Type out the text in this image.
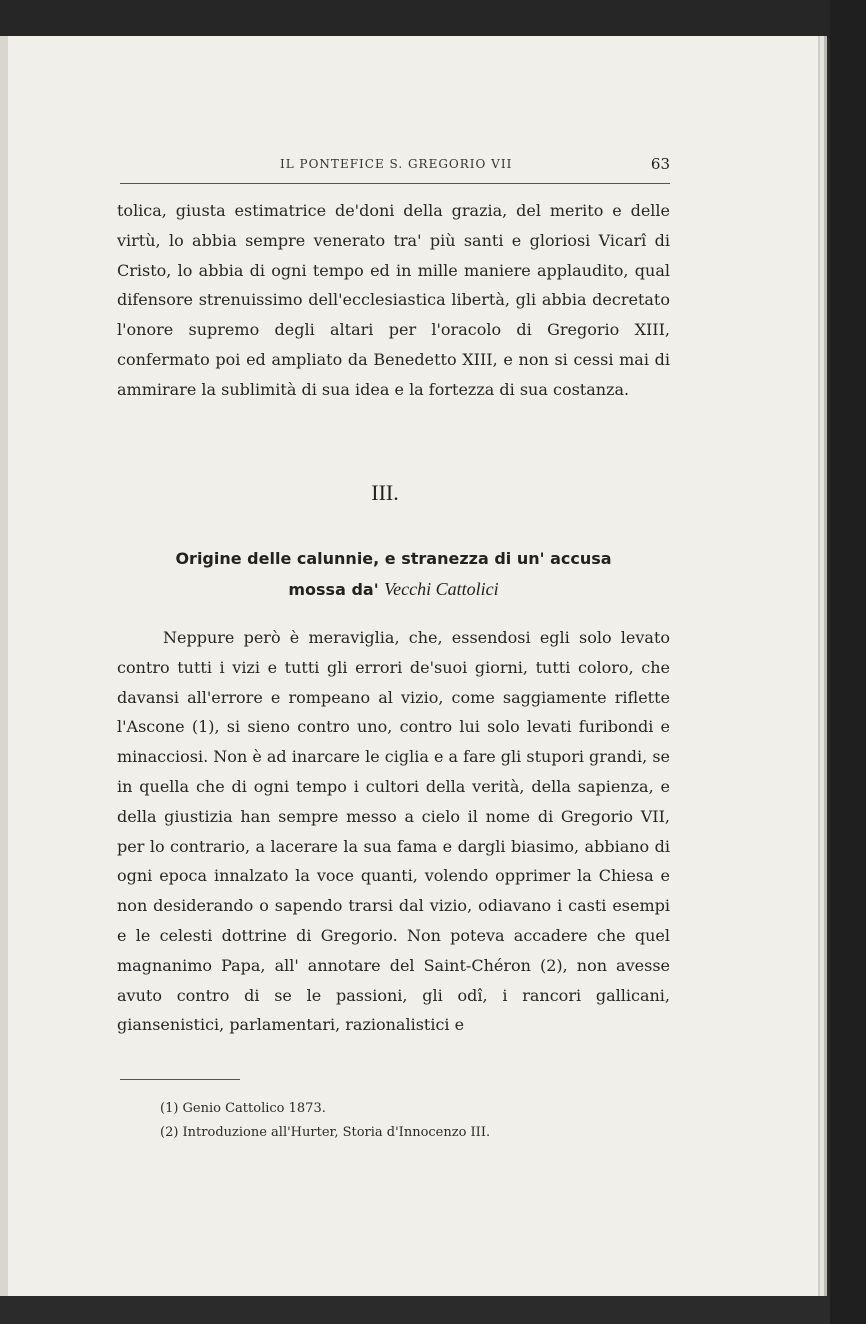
IL PONTEFICE S. GREGORIO VII	63
tolica, giusta estimatrice de'doni della grazia, del merito e delle virtù, lo abbia sempre venerato tra' più santi e gloriosi Vicarî di Cristo, lo abbia di ogni tempo ed in mille maniere applaudito, qual difensore strenuissimo dell'ecclesiastica libertà, gli abbia decretato l'onore supremo degli altari per l'oracolo di Gregorio XIII, confermato poi ed ampliato da Benedetto XIII, e non si cessi mai di ammirare la sublimità di sua idea e la fortezza di sua costanza.
III.
Origine delle calunnie, e stranezza di un' accusa
mossa da' Vecchi Cattolici
Neppure però è meraviglia, che, essendosi egli solo levato contro tutti i vizi e tutti gli errori de'suoi giorni, tutti coloro, che davansi all'errore e rompeano al vizio, come saggiamente riflette l'Ascone (1), si sieno contro uno, contro lui solo levati furibondi e minacciosi. Non è ad inarcare le ciglia e a fare gli stupori grandi, se in quella che di ogni tempo i cultori della verità, della sapienza, e della giustizia han sempre messo a cielo il nome di Gregorio VII, per lo contrario, a lacerare la sua fama e dargli biasimo, abbiano di ogni epoca innalzato la voce quanti, volendo opprimer la Chiesa e non desiderando o sapendo trarsi dal vizio, odiavano i casti esempi e le celesti dottrine di Gregorio. Non poteva accadere che quel magnanimo Papa, all' annotare del Saint-Chéron (2), non avesse avuto contro di se le passioni, gli odî, i rancori gallicani, giansenistici, parlamentari, razionalistici e
(1) Genio Cattolico 1873.
(2) Introduzione all'Hurter, Storia d'Innocenzo III.
